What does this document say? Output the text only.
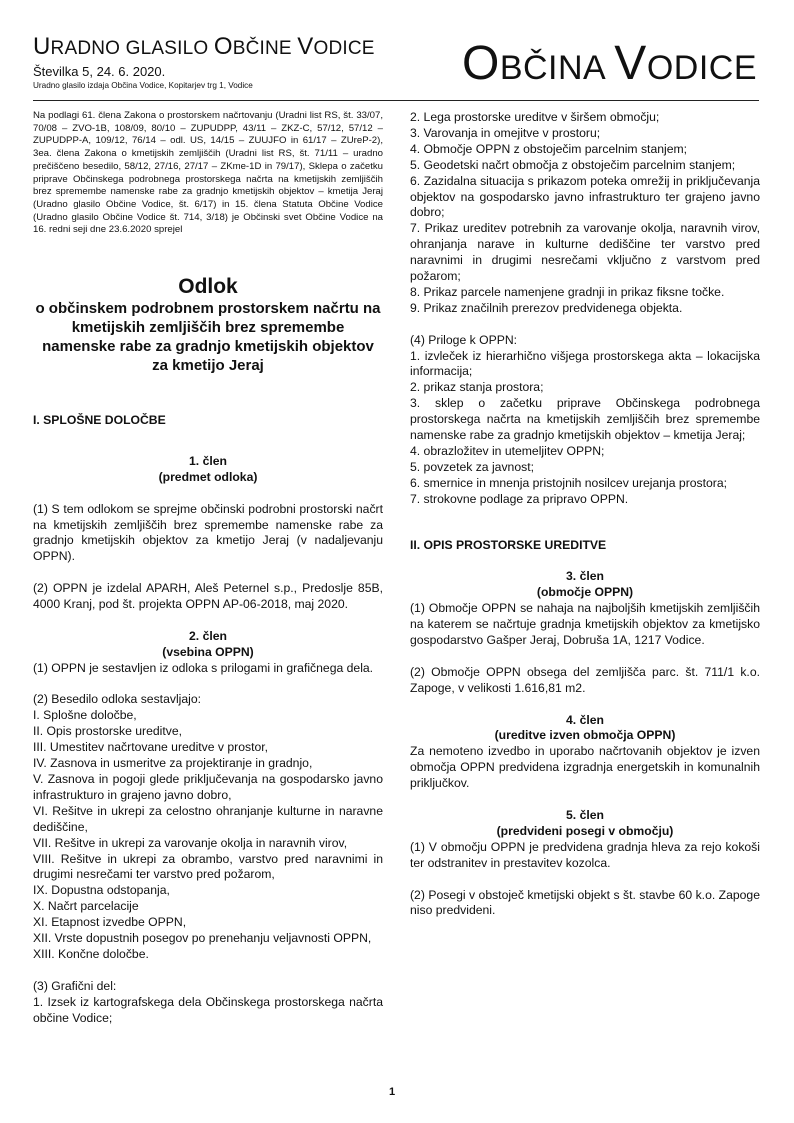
URADNO GLASILO OBČINE VODICE
Številka 5, 24. 6. 2020.
Uradno glasilo izdaja Občina Vodice, Kopitarjev trg 1, Vodice	OBČINA VODICE

Na podlagi 61. člena Zakona o prostorskem načrtovanju (Uradni list RS, št. 33/07, 70/08 – ZVO-1B, 108/09, 80/10 – ZUPUDPP, 43/11 – ZKZ-C, 57/12, 57/12 – ZUPUDPP-A, 109/12, 76/14 – odl. US, 14/15 – ZUUJFO in 61/17 – ZUreP-2), 3ea. člena Zakona o kmetijskih zemljiščih (Uradni list RS, št. 71/11 – uradno prečiščeno besedilo, 58/12, 27/16, 27/17 – ZKme-1D in 79/17), Sklepa o začetku priprave Občinskega podrobnega prostorskega načrta na kmetijskih zemljiščih brez spremembe namenske rabe za gradnjo kmetijskih objektov – kmetija Jeraj (Uradno glasilo Občine Vodice, št. 6/17) in 15. člena Statuta Občine Vodice (Uradno glasilo Občine Vodice št. 714, 3/18) je Občinski svet Občine Vodice na 16. redni seji dne 23.6.2020 sprejel

Odlok
o občinskem podrobnem prostorskem načrtu na kmetijskih zemljiščih brez spremembe namenske rabe za gradnjo kmetijskih objektov za kmetijo Jeraj
I. SPLOŠNE DOLOČBE
1. člen
(predmet odloka)

(1) S tem odlokom se sprejme občinski podrobni prostorski načrt na kmetijskih zemljiščih brez spremembe namenske rabe za gradnjo kmetijskih objektov za kmetijo Jeraj (v nadaljevanju OPPN).

(2) OPPN je izdelal APARH, Aleš Peternel s.p., Predoslje 85B, 4000 Kranj, pod št. projekta OPPN AP-06-2018, maj 2020.

2. člen
(vsebina OPPN)

(1) OPPN je sestavljen iz odloka s prilogami in grafičnega dela.

(2) Besedilo odloka sestavljajo:

I. Splošne določbe,

II. Opis prostorske ureditve,

III. Umestitev načrtovane ureditve v prostor,

IV. Zasnova in usmeritve za projektiranje in gradnjo,

V. Zasnova in pogoji glede priključevanja na gospodarsko javno infrastrukturo in grajeno javno dobro,

VI. Rešitve in ukrepi za celostno ohranjanje kulturne in naravne dediščine,

VII. Rešitve in ukrepi za varovanje okolja in naravnih virov,

VIII. Rešitve in ukrepi za obrambo, varstvo pred naravnimi in drugimi nesrečami ter varstvo pred požarom,

IX. Dopustna odstopanja,

X. Načrt parcelacije

XI. Etapnost izvedbe OPPN,

XII. Vrste dopustnih posegov po prenehanju veljavnosti OPPN,

XIII. Končne določbe.

(3) Grafični del:

1. Izsek iz kartografskega dela Občinskega prostorskega načrta občine Vodice;

2. Lega prostorske ureditve v širšem območju;

3. Varovanja in omejitve v prostoru;

4. Območje OPPN z obstoječim parcelnim stanjem;

5. Geodetski načrt območja z obstoječim parcelnim stanjem;

6. Zazidalna situacija s prikazom poteka omrežij in priključevanja objektov na gospodarsko javno infrastrukturo ter grajeno javno dobro;

7. Prikaz ureditev potrebnih za varovanje okolja, naravnih virov, ohranjanja narave in kulturne dediščine ter varstvo pred naravnimi in drugimi nesrečami vključno z varstvom pred požarom;

8. Prikaz parcele namenjene gradnji in prikaz fiksne točke.

9. Prikaz značilnih prerezov predvidenega objekta.

(4) Priloge k OPPN:

1. izvleček iz hierarhično višjega prostorskega akta – lokacijska informacija;

2. prikaz stanja prostora;

3. sklep o začetku priprave Občinskega podrobnega prostorskega načrta na kmetijskih zemljiščih brez spremembe namenske rabe za gradnjo kmetijskih objektov – kmetija Jeraj;

4. obrazložitev in utemeljitev OPPN;

5. povzetek za javnost;

6. smernice in mnenja pristojnih nosilcev urejanja prostora;

7. strokovne podlage za pripravo OPPN.

II. OPIS PROSTORSKE UREDITVE
3. člen
(območje OPPN)

(1) Območje OPPN se nahaja na najboljših kmetijskih zemljiščih na katerem se načrtuje gradnja kmetijskih objektov za kmetijsko gospodarstvo Gašper Jeraj, Dobruša 1A, 1217 Vodice.

(2) Območje OPPN obsega del zemljišča parc. št. 711/1 k.o. Zapoge, v velikosti 1.616,81 m2.

4. člen
(ureditve izven območja OPPN)

Za nemoteno izvedbo in uporabo načrtovanih objektov je izven območja OPPN predvidena izgradnja energetskih in komunalnih priključkov.

5. člen
(predvideni posegi v območju)

(1) V območju OPPN je predvidena gradnja hleva za rejo kokoši ter odstranitev in prestavitev kozolca.

(2) Posegi v obstoječ kmetijski objekt s št. stavbe 60 k.o. Zapoge niso predvideni.

1
